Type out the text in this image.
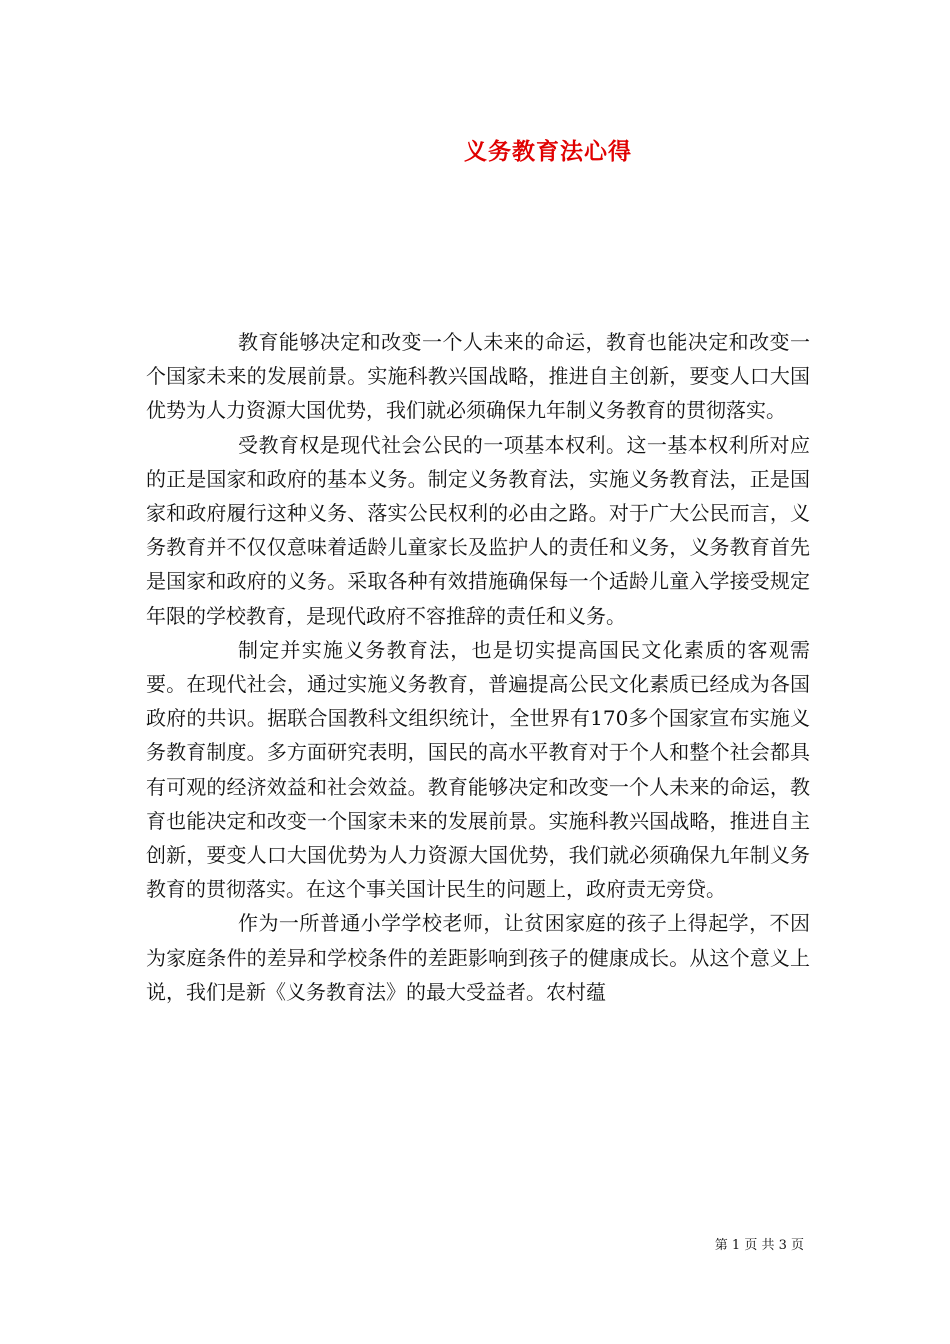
义务教育法心得

教育能够决定和改变一个人未来的命运，教育也能决定和改变一个国家未来的发展前景。实施科教兴国战略，推进自主创新，要变人口大国优势为人力资源大国优势，我们就必须确保九年制义务教育的贯彻落实。

受教育权是现代社会公民的一项基本权利。这一基本权利所对应的正是国家和政府的基本义务。制定义务教育法，实施义务教育法，正是国家和政府履行这种义务、落实公民权利的必由之路。对于广大公民而言，义务教育并不仅仅意味着适龄儿童家长及监护人的责任和义务，义务教育首先是国家和政府的义务。采取各种有效措施确保每一个适龄儿童入学接受规定年限的学校教育，是现代政府不容推辞的责任和义务。

制定并实施义务教育法，也是切实提高国民文化素质的客观需要。在现代社会，通过实施义务教育，普遍提高公民文化素质已经成为各国政府的共识。据联合国教科文组织统计，全世界有170多个国家宣布实施义务教育制度。多方面研究表明，国民的高水平教育对于个人和整个社会都具有可观的经济效益和社会效益。教育能够决定和改变一个人未来的命运，教育也能决定和改变一个国家未来的发展前景。实施科教兴国战略，推进自主创新，要变人口大国优势为人力资源大国优势，我们就必须确保九年制义务教育的贯彻落实。在这个事关国计民生的问题上，政府责无旁贷。

作为一所普通小学学校老师，让贫困家庭的孩子上得起学，不因为家庭条件的差异和学校条件的差距影响到孩子的健康成长。从这个意义上说，我们是新《义务教育法》的最大受益者。农村蕴

第 1 页 共 3 页
